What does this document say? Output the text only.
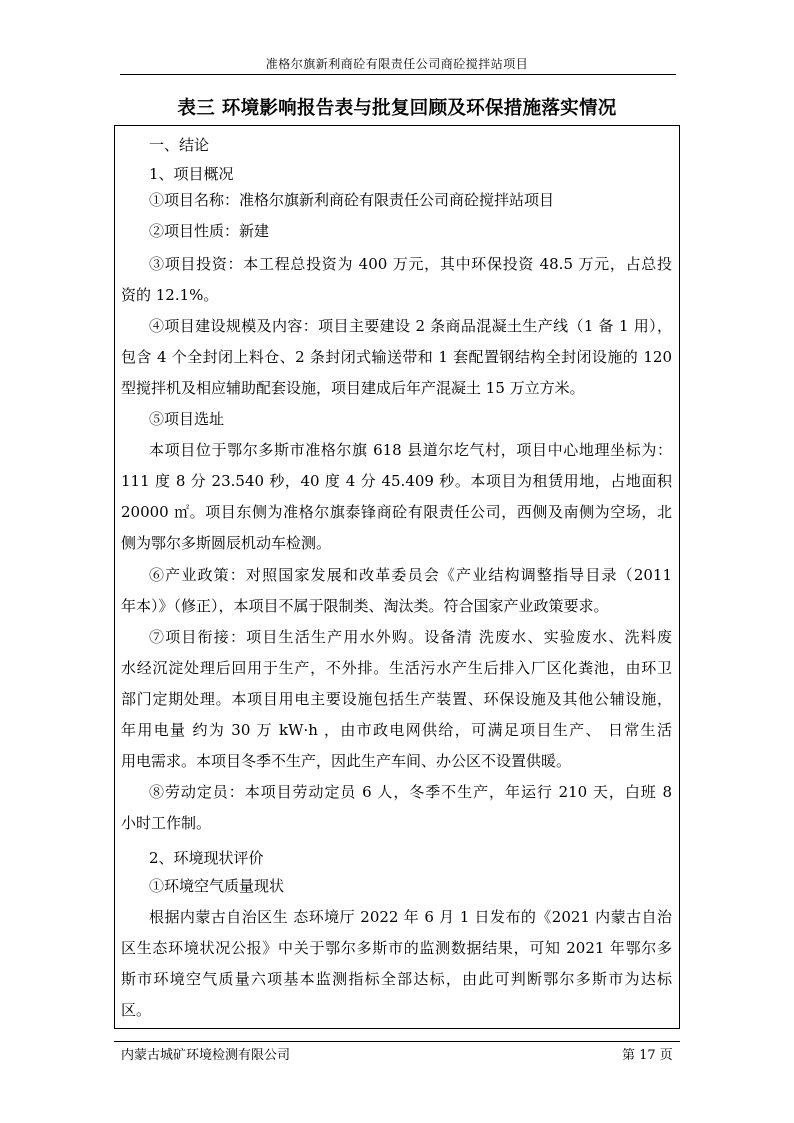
准格尔旗新利商砼有限责任公司商砼搅拌站项目
表三 环境影响报告表与批复回顾及环保措施落实情况
一、结论
1、项目概况
①项目名称：准格尔旗新利商砼有限责任公司商砼搅拌站项目
②项目性质：新建
③项目投资：本工程总投资为 400 万元，其中环保投资 48.5 万元，占总投
资的 12.1%。
④项目建设规模及内容：项目主要建设 2 条商品混凝土生产线（1 备 1 用），
包含 4 个全封闭上料仓、2 条封闭式输送带和 1 套配置钢结构全封闭设施的 120
型搅拌机及相应辅助配套设施，项目建成后年产混凝土 15 万立方米。
⑤项目选址
本项目位于鄂尔多斯市准格尔旗 618 县道尔圪气村，项目中心地理坐标为：
111 度 8 分 23.540 秒，40 度 4 分 45.409 秒。本项目为租赁用地，占地面积
20000 ㎡。项目东侧为准格尔旗泰锋商砼有限责任公司，西侧及南侧为空场，北
侧为鄂尔多斯圆辰机动车检测。
⑥产业政策：对照国家发展和改革委员会《产业结构调整指导目录（2011
年本）》（修正），本项目不属于限制类、淘汰类。符合国家产业政策要求。
⑦项目衔接：项目生活生产用水外购。设备清 洗废水、实验废水、洗料废
水经沉淀处理后回用于生产，不外排。生活污水产生后排入厂区化粪池，由环卫
部门定期处理。本项目用电主要设施包括生产装置、环保设施及其他公辅设施，
年用电量 约为 30 万 kW·h ，由市政电网供给，可满足项目生产、 日常生活
用电需求。本项目冬季不生产，因此生产车间、办公区不设置供暖。
⑧劳动定员：本项目劳动定员 6 人，冬季不生产，年运行 210 天，白班 8
小时工作制。
2、环境现状评价
①环境空气质量现状
根据内蒙古自治区生 态环境厅 2022 年 6 月 1 日发布的《2021 内蒙古自治
区生态环境状况公报》中关于鄂尔多斯市的监测数据结果，可知 2021 年鄂尔多
斯市环境空气质量六项基本监测指标全部达标，由此可判断鄂尔多斯市为达标
区。
内蒙古城矿环境检测有限公司	第 17 页
